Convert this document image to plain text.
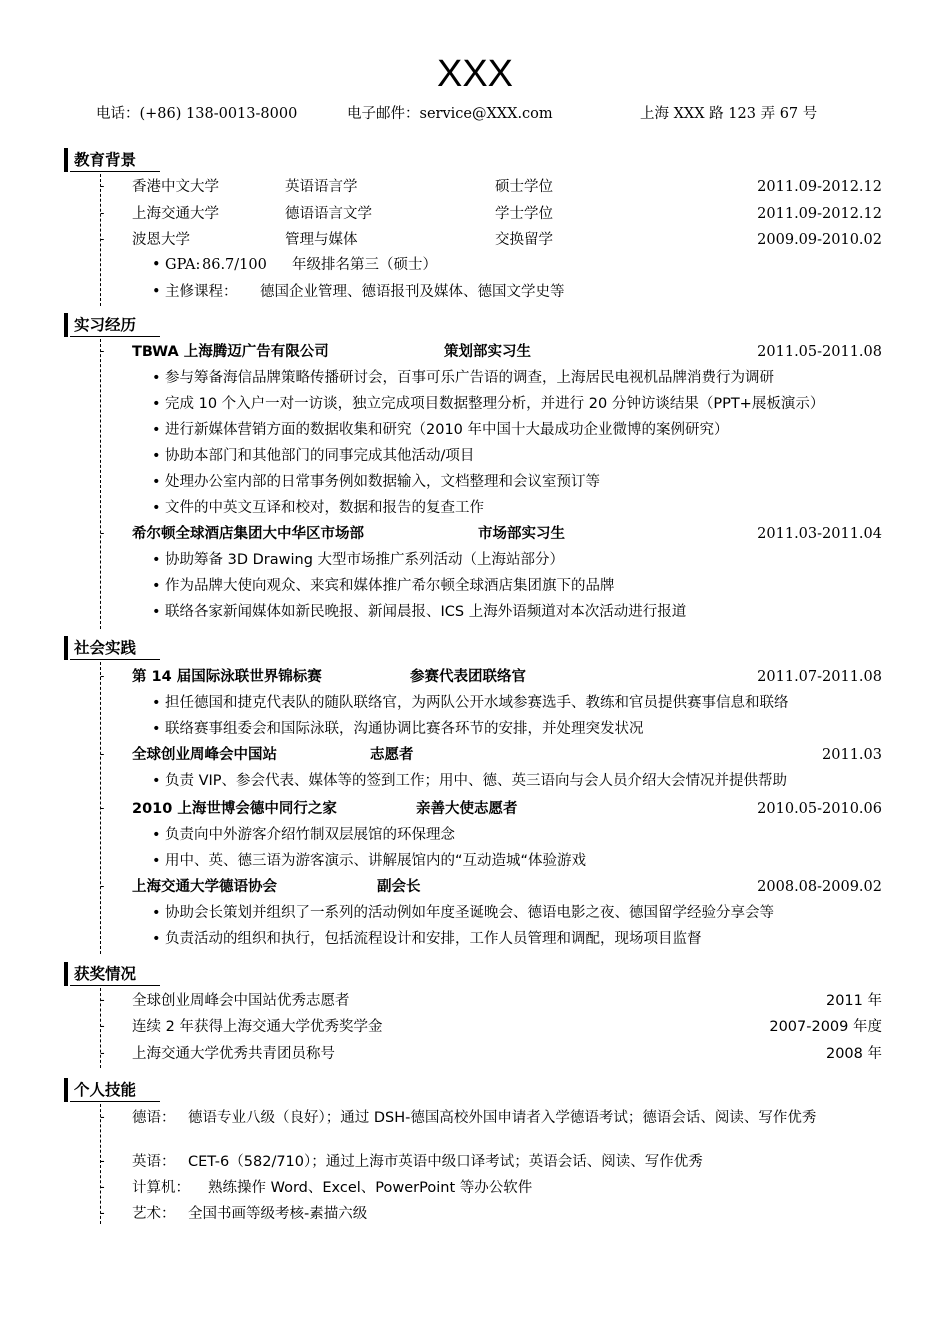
XXX
电话：(+86) 138-0013-8000	电子邮件：service@XXX.com	上海 XXX 路 123 弄 67 号
教育背景
- 香港中文大学	英语语言学	硕士学位	2011.09-2012.12
- 上海交通大学	德语语言文学	学士学位	2011.09-2012.12
- 波恩大学	管理与媒体	交换留学	2009.09-2010.02
• GPA: 86.7/100 年级排名第三（硕士）
• 主修课程： 德国企业管理、德语报刊及媒体、德国文学史等
实习经历
- TBWA 上海腾迈广告有限公司	策划部实习生	2011.05-2011.08
• 参与筹备海信品牌策略传播研讨会，百事可乐广告语的调查，上海居民电视机品牌消费行为调研
• 完成 10 个入户一对一访谈，独立完成项目数据整理分析，并进行 20 分钟访谈结果（PPT+展板演示）
• 进行新媒体营销方面的数据收集和研究（2010 年中国十大最成功企业微博的案例研究）
• 协助本部门和其他部门的同事完成其他活动/项目
• 处理办公室内部的日常事务例如数据输入，文档整理和会议室预订等
• 文件的中英文互译和校对，数据和报告的复查工作
- 希尔顿全球酒店集团大中华区市场部	市场部实习生	2011.03-2011.04
• 协助筹备 3D Drawing 大型市场推广系列活动（上海站部分）
• 作为品牌大使向观众、来宾和媒体推广希尔顿全球酒店集团旗下的品牌
• 联络各家新闻媒体如新民晚报、新闻晨报、ICS 上海外语频道对本次活动进行报道
社会实践
- 第 14 届国际泳联世界锦标赛	参赛代表团联络官	2011.07-2011.08
• 担任德国和捷克代表队的随队联络官，为两队公开水域参赛选手、教练和官员提供赛事信息和联络
• 联络赛事组委会和国际泳联，沟通协调比赛各环节的安排，并处理突发状况
- 全球创业周峰会中国站	志愿者	2011.03
• 负责 VIP、参会代表、媒体等的签到工作；用中、德、英三语向与会人员介绍大会情况并提供帮助
- 2010 上海世博会德中同行之家	亲善大使志愿者	2010.05-2010.06
• 负责向中外游客介绍竹制双层展馆的环保理念
• 用中、英、德三语为游客演示、讲解展馆内的“互动造城“体验游戏
- 上海交通大学德语协会	副会长	2008.08-2009.02
• 协助会长策划并组织了一系列的活动例如年度圣诞晚会、德语电影之夜、德国留学经验分享会等
• 负责活动的组织和执行，包括流程设计和安排，工作人员管理和调配，现场项目监督
获奖情况
- 全球创业周峰会中国站优秀志愿者	2011 年
- 连续 2 年获得上海交通大学优秀奖学金	2007-2009 年度
- 上海交通大学优秀共青团员称号	2008 年
个人技能
- 德语： 德语专业八级（良好）；通过 DSH-德国高校外国申请者入学德语考试；德语会话、阅读、写作优秀
- 英语： CET-6（582/710）；通过上海市英语中级口译考试；英语会话、阅读、写作优秀
- 计算机： 熟练操作 Word、Excel、PowerPoint 等办公软件
- 艺术： 全国书画等级考核-素描六级
